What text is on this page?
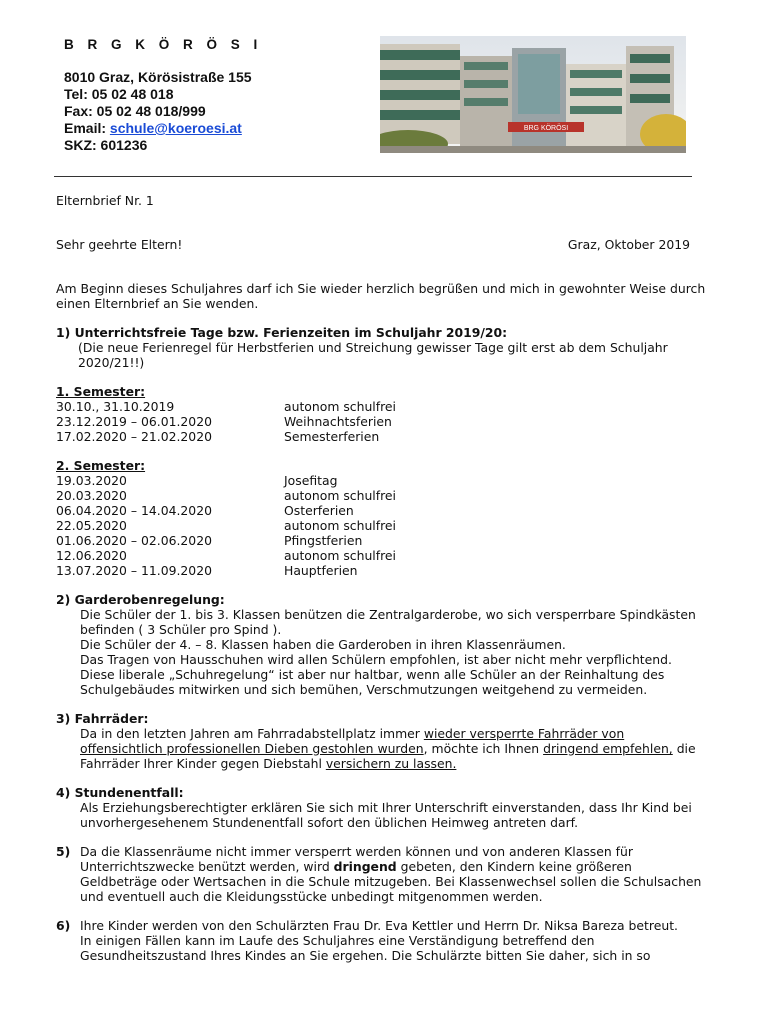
B R G K Ö R Ö S I
8010 Graz, Körösistraße 155
Tel: 05 02 48 018
Fax: 05 02 48 018/999
Email: schule@koeroesi.at
SKZ: 601236
BRG KÖRÖSI

Elternbrief Nr. 1

Sehr geehrte Eltern!	Graz, Oktober 2019

Am Beginn dieses Schuljahres darf ich Sie wieder herzlich begrüßen und mich in gewohnter Weise durch einen Elternbrief an Sie wenden.

1) Unterrichtsfreie Tage bzw. Ferienzeiten im Schuljahr 2019/20:

(Die neue Ferienregel für Herbstferien und Streichung gewisser Tage gilt erst ab dem Schuljahr 2020/21!!)

1. Semester:

30.10., 31.10.2019	autonom schulfrei
23.12.2019 – 06.01.2020	Weihnachtsferien
17.02.2020 – 21.02.2020	Semesterferien

2. Semester:

19.03.2020	Josefitag
20.03.2020	autonom schulfrei
06.04.2020 – 14.04.2020	Osterferien
22.05.2020	autonom schulfrei
01.06.2020 – 02.06.2020	Pfingstferien
12.06.2020	autonom schulfrei
13.07.2020 – 11.09.2020	Hauptferien

2) Garderobenregelung:

Die Schüler der 1. bis 3. Klassen benützen die Zentralgarderobe, wo sich versperrbare Spindkästen befinden ( 3 Schüler pro Spind ).

Die Schüler der 4. – 8. Klassen haben die Garderoben in ihren Klassenräumen.

Das Tragen von Hausschuhen wird allen Schülern empfohlen, ist aber nicht mehr verpflichtend.

Diese liberale „Schuhregelung“ ist aber nur haltbar, wenn alle Schüler an der Reinhaltung des Schulgebäudes mitwirken und sich bemühen, Verschmutzungen weitgehend zu vermeiden.

3) Fahrräder:

Da in den letzten Jahren am Fahrradabstellplatz immer wieder versperrte Fahrräder von offensichtlich professionellen Dieben gestohlen wurden, möchte ich Ihnen dringend empfehlen, die Fahrräder Ihrer Kinder gegen Diebstahl versichern zu lassen.

4) Stundenentfall:

Als Erziehungsberechtigter erklären Sie sich mit Ihrer Unterschrift einverstanden, dass Ihr Kind bei unvorhergesehenem Stundenentfall sofort den üblichen Heimweg antreten darf.

5) Da die Klassenräume nicht immer versperrt werden können und von anderen Klassen für Unterrichtszwecke benützt werden, wird dringend gebeten, den Kindern keine größeren Geldbeträge oder Wertsachen in die Schule mitzugeben. Bei Klassenwechsel sollen die Schulsachen und eventuell auch die Kleidungsstücke unbedingt mitgenommen werden.

6) Ihre Kinder werden von den Schulärzten Frau Dr. Eva Kettler und Herrn Dr. Niksa Bareza betreut.

In einigen Fällen kann im Laufe des Schuljahres eine Verständigung betreffend den Gesundheitszustand Ihres Kindes an Sie ergehen. Die Schulärzte bitten Sie daher, sich in so
